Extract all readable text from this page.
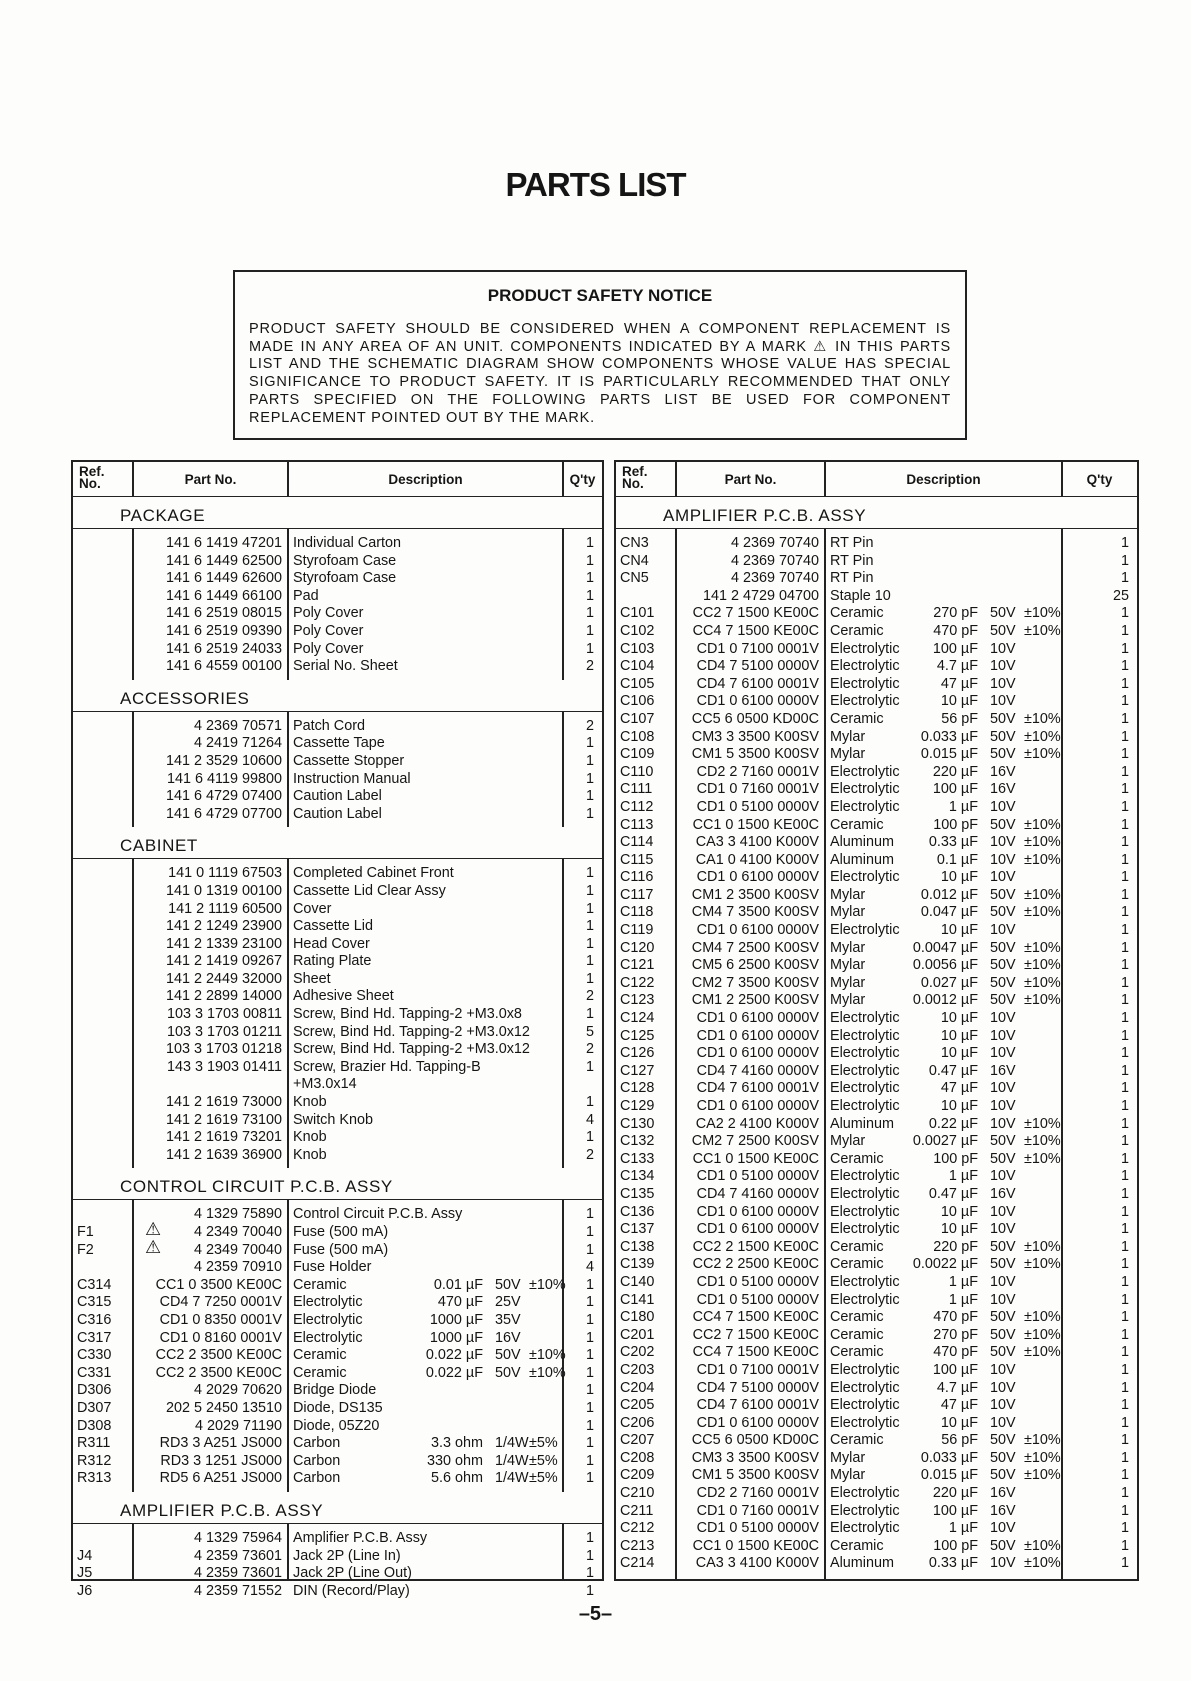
PARTS LIST
PRODUCT SAFETY NOTICE
PRODUCT SAFETY SHOULD BE CONSIDERED WHEN A COMPONENT REPLACEMENT IS MADE IN ANY AREA OF AN UNIT. COMPONENTS INDICATED BY A MARK ⚠ IN THIS PARTS LIST AND THE SCHEMATIC DIAGRAM SHOW COMPONENTS WHOSE VALUE HAS SPECIAL SIGNIFICANCE TO PRODUCT SAFETY. IT IS PARTICULARLY RECOMMENDED THAT ONLY PARTS SPECIFIED ON THE FOLLOWING PARTS LIST BE USED FOR COMPONENT REPLACEMENT POINTED OUT BY THE MARK.
Ref.
No.	Part No.	Description	Q'ty
PACKAGE
141 6 1419 47201 Individual Carton	1
141 6 1449 62500 Styrofoam Case	1
141 6 1449 62600 Styrofoam Case	1
141 6 1449 66100 Pad	1
141 6 2519 08015 Poly Cover	1
141 6 2519 09390 Poly Cover	1
141 6 2519 24033 Poly Cover	1
141 6 4559 00100 Serial No. Sheet	2
ACCESSORIES
4 2369 70571 Patch Cord	2
4 2419 71264 Cassette Tape	1
141 2 3529 10600 Cassette Stopper	1
141 6 4119 99800 Instruction Manual	1
141 6 4729 07400 Caution Label	1
141 6 4729 07700 Caution Label	1
CABINET
141 0 1119 67503 Completed Cabinet Front	1
141 0 1319 00100 Cassette Lid Clear Assy	1
141 2 1119 60500 Cover	1
141 2 1249 23900 Cassette Lid	1
141 2 1339 23100 Head Cover	1
141 2 1419 09267 Rating Plate	1
141 2 2449 32000 Sheet	1
141 2 2899 14000 Adhesive Sheet	2
103 3 1703 00811 Screw, Bind Hd. Tapping-2 +M3.0x8	1
103 3 1703 01211 Screw, Bind Hd. Tapping-2 +M3.0x12	5
103 3 1703 01218 Screw, Bind Hd. Tapping-2 +M3.0x12	2
143 3 1903 01411 Screw, Brazier Hd. Tapping-B	1
+M3.0x14
141 2 1619 73000 Knob	1
141 2 1619 73100 Switch Knob	4
141 2 1619 73201 Knob	1
141 2 1639 36900 Knob	2
CONTROL CIRCUIT P.C.B. ASSY
4 1329 75890 Control Circuit P.C.B. Assy	1
F1	⚠	4 2349 70040 Fuse (500 mA)	1
F2	⚠	4 2349 70040 Fuse (500 mA)	1
4 2359 70910 Fuse Holder	4
C314	CC1 0 3500 KE00C Ceramic	0.01 µF 50V ±10%	1
C315	CD4 7 7250 0001V Electrolytic	470 µF 25V	1
C316	CD1 0 8350 0001V Electrolytic	1000 µF 35V	1
C317	CD1 0 8160 0001V Electrolytic	1000 µF 16V	1
C330	CC2 2 3500 KE00C Ceramic	0.022 µF 50V ±10%	1
C331	CC2 2 3500 KE00C Ceramic	0.022 µF 50V ±10%	1
D306	4 2029 70620 Bridge Diode	1
D307	202 5 2450 13510 Diode, DS135	1
D308	4 2029 71190 Diode, 05Z20	1
R311	RD3 3 A251 JS000 Carbon	3.3 ohm 1/4W ±5%	1
R312	RD3 3 1251 JS000 Carbon	330 ohm 1/4W ±5%	1
R313	RD5 6 A251 JS000 Carbon	5.6 ohm 1/4W ±5%	1
AMPLIFIER P.C.B. ASSY
4 1329 75964 Amplifier P.C.B. Assy	1
J4	4 2359 73601 Jack 2P (Line In)	1
J5	4 2359 73601 Jack 2P (Line Out)	1
J6	4 2359 71552 DIN (Record/Play)	1
Ref.
No.	Part No.	Description	Q'ty
AMPLIFIER P.C.B. ASSY
CN3	4 2369 70740 RT Pin	1
CN4	4 2369 70740 RT Pin	1
CN5	4 2369 70740 RT Pin	1
141 2 4729 04700 Staple 10	25
C101	CC2 7 1500 KE00C Ceramic	270 pF 50V ±10%	1
C102	CC4 7 1500 KE00C Ceramic	470 pF 50V ±10%	1
C103	CD1 0 7100 0001V Electrolytic	100 µF 10V	1
C104	CD4 7 5100 0000V Electrolytic	4.7 µF 10V	1
C105	CD4 7 6100 0001V Electrolytic	47 µF 10V	1
C106	CD1 0 6100 0000V Electrolytic	10 µF 10V	1
C107	CC5 6 0500 KD00C Ceramic	56 pF 50V ±10%	1
C108	CM3 3 3500 K00SV Mylar	0.033 µF 50V ±10%	1
C109	CM1 5 3500 K00SV Mylar	0.015 µF 50V ±10%	1
C110	CD2 2 7160 0001V Electrolytic	220 µF 16V	1
C111	CD1 0 7160 0001V Electrolytic	100 µF 16V	1
C112	CD1 0 5100 0000V Electrolytic	1 µF 10V	1
C113	CC1 0 1500 KE00C Ceramic	100 pF 50V ±10%	1
C114	CA3 3 4100 K000V Aluminum	0.33 µF 10V ±10%	1
C115	CA1 0 4100 K000V Aluminum	0.1 µF 10V ±10%	1
C116	CD1 0 6100 0000V Electrolytic	10 µF 10V	1
C117	CM1 2 3500 K00SV Mylar	0.012 µF 50V ±10%	1
C118	CM4 7 3500 K00SV Mylar	0.047 µF 50V ±10%	1
C119	CD1 0 6100 0000V Electrolytic	10 µF 10V	1
C120	CM4 7 2500 K00SV Mylar	0.0047 µF 50V ±10%	1
C121	CM5 6 2500 K00SV Mylar	0.0056 µF 50V ±10%	1
C122	CM2 7 3500 K00SV Mylar	0.027 µF 50V ±10%	1
C123	CM1 2 2500 K00SV Mylar	0.0012 µF 50V ±10%	1
C124	CD1 0 6100 0000V Electrolytic	10 µF 10V	1
C125	CD1 0 6100 0000V Electrolytic	10 µF 10V	1
C126	CD1 0 6100 0000V Electrolytic	10 µF 10V	1
C127	CD4 7 4160 0000V Electrolytic	0.47 µF 16V	1
C128	CD4 7 6100 0001V Electrolytic	47 µF 10V	1
C129	CD1 0 6100 0000V Electrolytic	10 µF 10V	1
C130	CA2 2 4100 K000V Aluminum	0.22 µF 10V ±10%	1
C132	CM2 7 2500 K00SV Mylar	0.0027 µF 50V ±10%	1
C133	CC1 0 1500 KE00C Ceramic	100 pF 50V ±10%	1
C134	CD1 0 5100 0000V Electrolytic	1 µF 10V	1
C135	CD4 7 4160 0000V Electrolytic	0.47 µF 16V	1
C136	CD1 0 6100 0000V Electrolytic	10 µF 10V	1
C137	CD1 0 6100 0000V Electrolytic	10 µF 10V	1
C138	CC2 2 1500 KE00C Ceramic	220 pF 50V ±10%	1
C139	CC2 2 2500 KE00C Ceramic	0.0022 µF 50V ±10%	1
C140	CD1 0 5100 0000V Electrolytic	1 µF 10V	1
C141	CD1 0 5100 0000V Electrolytic	1 µF 10V	1
C180	CC4 7 1500 KE00C Ceramic	470 pF 50V ±10%	1
C201	CC2 7 1500 KE00C Ceramic	270 pF 50V ±10%	1
C202	CC4 7 1500 KE00C Ceramic	470 pF 50V ±10%	1
C203	CD1 0 7100 0001V Electrolytic	100 µF 10V	1
C204	CD4 7 5100 0000V Electrolytic	4.7 µF 10V	1
C205	CD4 7 6100 0001V Electrolytic	47 µF 10V	1
C206	CD1 0 6100 0000V Electrolytic	10 µF 10V	1
C207	CC5 6 0500 KD00C Ceramic	56 pF 50V ±10%	1
C208	CM3 3 3500 K00SV Mylar	0.033 µF 50V ±10%	1
C209	CM1 5 3500 K00SV Mylar	0.015 µF 50V ±10%	1
C210	CD2 2 7160 0001V Electrolytic	220 µF 16V	1
C211	CD1 0 7160 0001V Electrolytic	100 µF 16V	1
C212	CD1 0 5100 0000V Electrolytic	1 µF 10V	1
C213	CC1 0 1500 KE00C Ceramic	100 pF 50V ±10%	1
C214	CA3 3 4100 K000V Aluminum	0.33 µF 10V ±10%	1
–5–
